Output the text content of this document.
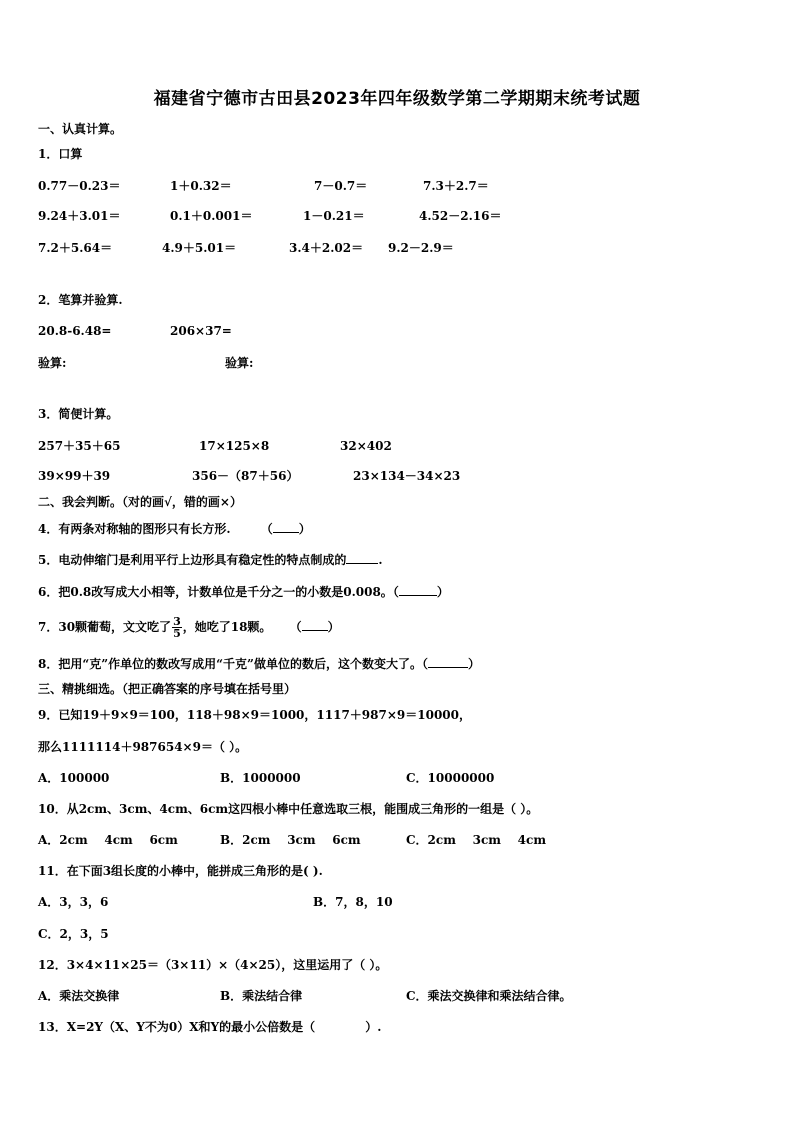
福建省宁德市古田县2023年四年级数学第二学期期末统考试题
一、认真计算。
1．口算
0.77－0.23＝	1＋0.32＝	7－0.7＝	7.3＋2.7＝
9.24＋3.01＝	0.1＋0.001＝	1－0.21＝	4.52－2.16＝
7.2＋5.64＝	4.9＋5.01＝	3.4＋2.02＝ 9.2－2.9＝
2．笔算并验算.
20.8-6.48=	206×37=
验算:	验算:
3．简便计算。
257＋35＋65	17×125×8	32×402
39×99＋39	356－（87＋56）	23×134－34×23
二、我会判断。（对的画√，错的画×）
4．有两条对称轴的图形只有长方形.	（ ）
5．电动伸缩门是利用平行上边形具有稳定性的特点制成的	.
6．把0.8改写成大小相等，计数单位是千分之一的小数是0.008。（	）
7．30颗葡萄，文文吃了 $\frac{3}{5}$ ，她吃了18颗。 （ ）
8．把用“克”作单位的数改写成用“千克”做单位的数后，这个数变大了。（	）
三、精挑细选。（把正确答案的序号填在括号里）
9．已知19＋9×9＝100，118＋98×9＝1000，1117＋987×9＝10000，
那么1111114＋987654×9＝（ ）。
A．100000	B．1000000	C．10000000
10．从2cm、3cm、4cm、6cm这四根小棒中任意选取三根，能围成三角形的一组是（ ）。
A．2cm    4cm    6cm	B．2cm    3cm    6cm	C．2cm    3cm    4cm
11．在下面3组长度的小棒中，能拼成三角形的是( ).
A．3，3，6	B．7，8，10
C．2，3，5
12．3×4×11×25＝（3×11）×（4×25），这里运用了（ ）。
A．乘法交换律	B．乘法结合律	C．乘法交换律和乘法结合律。
13．X=2Y（X、Y不为0）X和Y的最小公倍数是（            ）.
